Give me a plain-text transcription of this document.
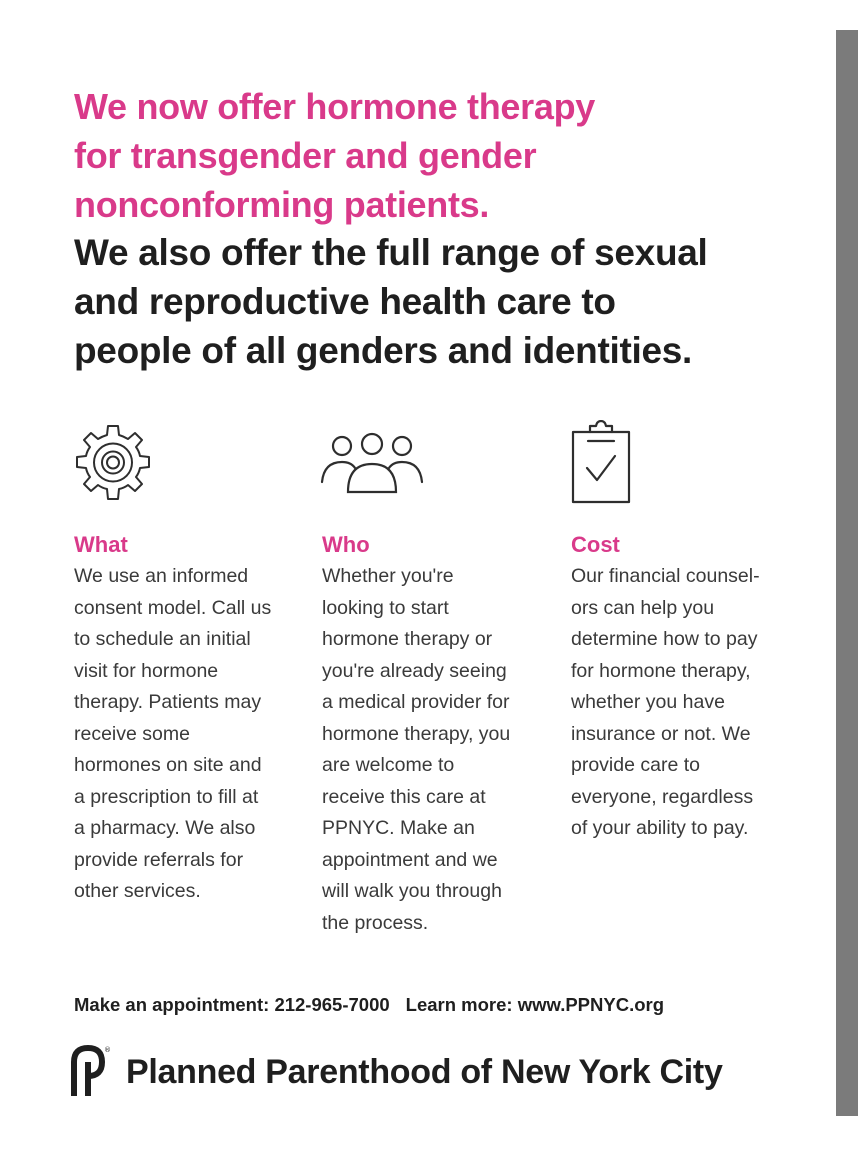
We now offer hormone therapy
for transgender and gender
nonconforming patients.
We also offer the full range of sexual
and reproductive health care to
people of all genders and identities.
What

We use an informed
consent model. Call us
to schedule an initial
visit for hormone
therapy. Patients may
receive some
hormones on site and
a prescription to fill at
a pharmacy. We also
provide referrals for
other services.

Who

Whether you're
looking to start
hormone therapy or
you're already seeing
a medical provider for
hormone therapy, you
are welcome to
receive this care at
PPNYC. Make an
appointment and we
will walk you through
the process.

Cost

Our financial counsel-
ors can help you
determine how to pay
for hormone therapy,
whether you have
insurance or not. We
provide care to
everyone, regardless
of your ability to pay.

Make an appointment: 212-965-7000 Learn more: www.PPNYC.org
®
Planned Parenthood of New York City
